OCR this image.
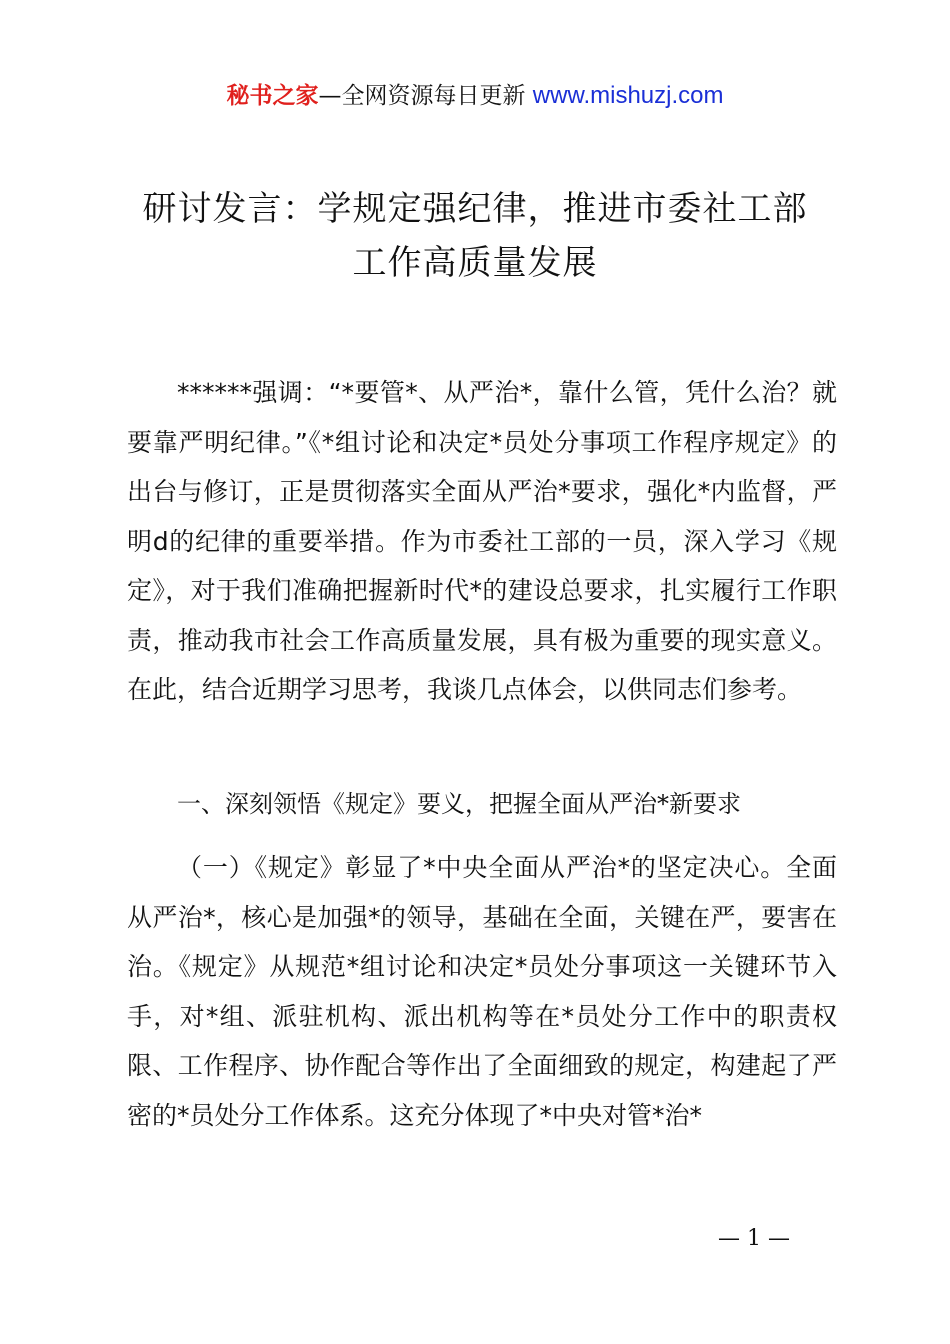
秘书之家—全网资源每日更新 www.mishuzj.com
研讨发言：学规定强纪律，推进市委社工部
工作高质量发展

******强调：“*要管*、从严治*，靠什么管，凭什么治？就要靠严明纪律。”《*组讨论和决定*员处分事项工作程序规定》的出台与修订，正是贯彻落实全面从严治*要求，强化*内监督，严明d的纪律的重要举措。作为市委社工部的一员，深入学习《规定》，对于我们准确把握新时代*的建设总要求，扎实履行工作职责，推动我市社会工作高质量发展，具有极为重要的现实意义。在此，结合近期学习思考，我谈几点体会，以供同志们参考。

一、深刻领悟《规定》要义，把握全面从严治*新要求

（一）《规定》彰显了*中央全面从严治*的坚定决心。全面从严治*，核心是加强*的领导，基础在全面，关键在严，要害在治。《规定》从规范*组讨论和决定*员处分事项这一关键环节入手，对*组、派驻机构、派出机构等在*员处分工作中的职责权限、工作程序、协作配合等作出了全面细致的规定，构建起了严密的*员处分工作体系。这充分体现了*中央对管*治*

— 1 —
